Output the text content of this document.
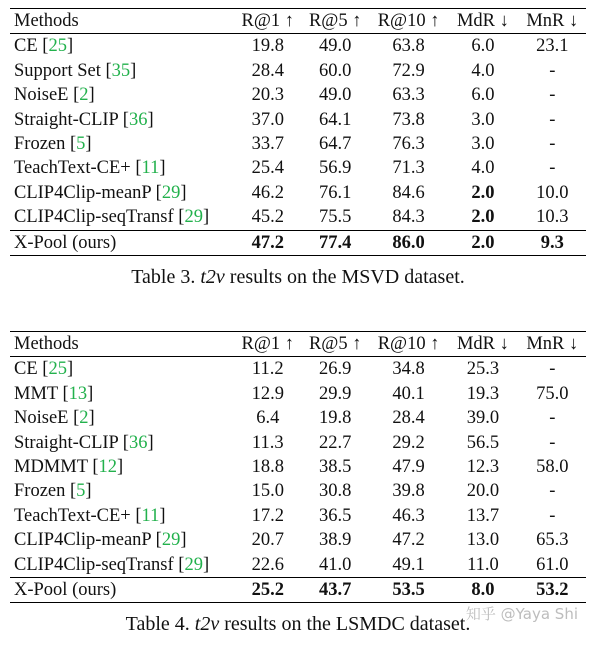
Methods	R@1 ↑	R@5 ↑	R@10 ↑	MdR ↓	MnR ↓
CE [25]	19.8	49.0	63.8	6.0	23.1
Support Set [35]	28.4	60.0	72.9	4.0	-
NoiseE [2]	20.3	49.0	63.3	6.0	-
Straight-CLIP [36]	37.0	64.1	73.8	3.0	-
Frozen [5]	33.7	64.7	76.3	3.0	-
TeachText-CE+ [11]	25.4	56.9	71.3	4.0	-
CLIP4Clip-meanP [29]	46.2	76.1	84.6	2.0	10.0
CLIP4Clip-seqTransf [29]	45.2	75.5	84.3	2.0	10.3
X-Pool (ours)	47.2	77.4	86.0	2.0	9.3
Table 3. t2v results on the MSVD dataset.
Methods	R@1 ↑	R@5 ↑	R@10 ↑	MdR ↓	MnR ↓
CE [25]	11.2	26.9	34.8	25.3	-
MMT [13]	12.9	29.9	40.1	19.3	75.0
NoiseE [2]	6.4	19.8	28.4	39.0	-
Straight-CLIP [36]	11.3	22.7	29.2	56.5	-
MDMMT [12]	18.8	38.5	47.9	12.3	58.0
Frozen [5]	15.0	30.8	39.8	20.0	-
TeachText-CE+ [11]	17.2	36.5	46.3	13.7	-
CLIP4Clip-meanP [29]	20.7	38.9	47.2	13.0	65.3
CLIP4Clip-seqTransf [29]	22.6	41.0	49.1	11.0	61.0
X-Pool (ours)	25.2	43.7	53.5	8.0	53.2
Table 4. t2v results on the LSMDC dataset.
知乎 @Yaya Shi
